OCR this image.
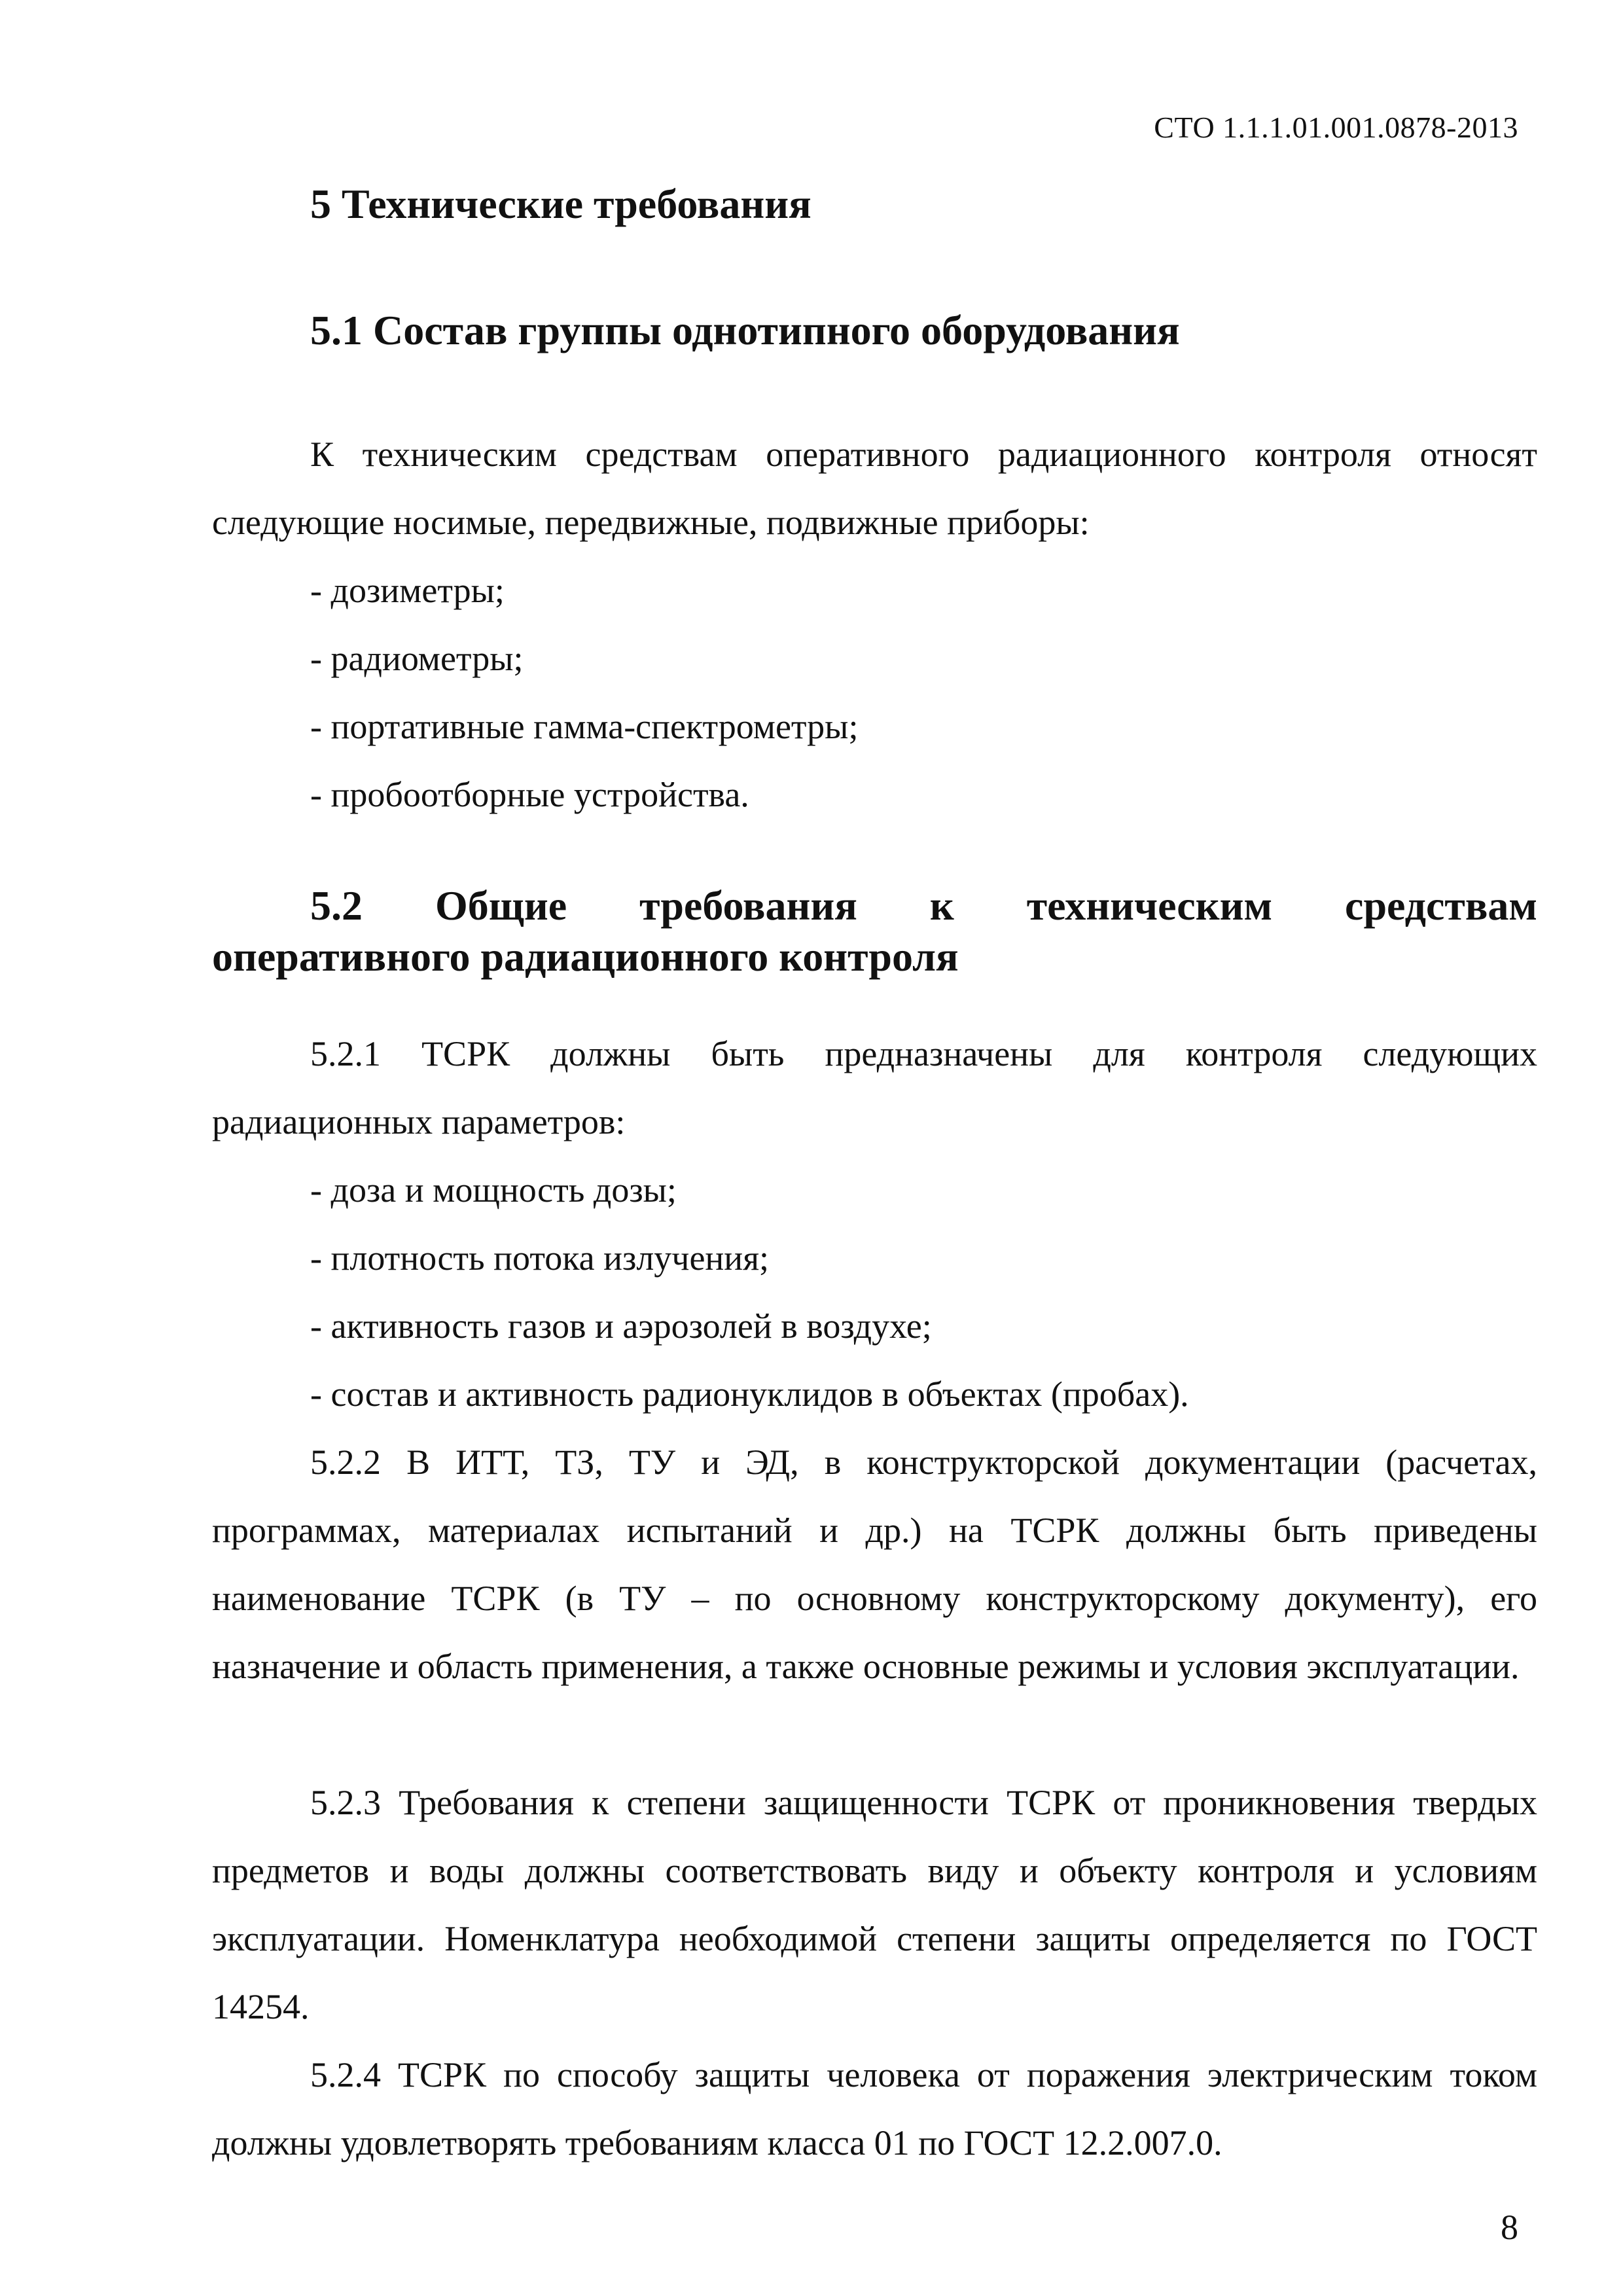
СТО 1.1.1.01.001.0878-2013
5 Технические требования
5.1 Состав группы однотипного оборудования
К техническим средствам оперативного радиационного контроля относят следующие носимые, передвижные, подвижные приборы:
- дозиметры;
- радиометры;
- портативные гамма-спектрометры;
- пробоотборные устройства.
5.2 Общие требования к техническим средствам
оперативного радиационного контроля
5.2.1 ТСРК должны быть предназначены для контроля следующих радиационных параметров:
- доза и мощность дозы;
- плотность потока излучения;
- активность газов и аэрозолей в воздухе;
- состав и активность радионуклидов в объектах (пробах).
5.2.2 В ИТТ, ТЗ, ТУ и ЭД, в конструкторской документации (расчетах, программах, материалах испытаний и др.) на ТСРК должны быть приведены наименование ТСРК (в ТУ – по основному конструкторскому документу), его назначение и область применения, а также основные режимы и условия эксплуатации.
5.2.3 Требования к степени защищенности ТСРК от проникновения твердых предметов и воды должны соответствовать виду и объекту контроля и условиям эксплуатации. Номенклатура необходимой степени защиты определяется по ГОСТ 14254.
5.2.4 ТСРК по способу защиты человека от поражения электрическим током должны удовлетворять требованиям класса 01 по ГОСТ 12.2.007.0.
8
